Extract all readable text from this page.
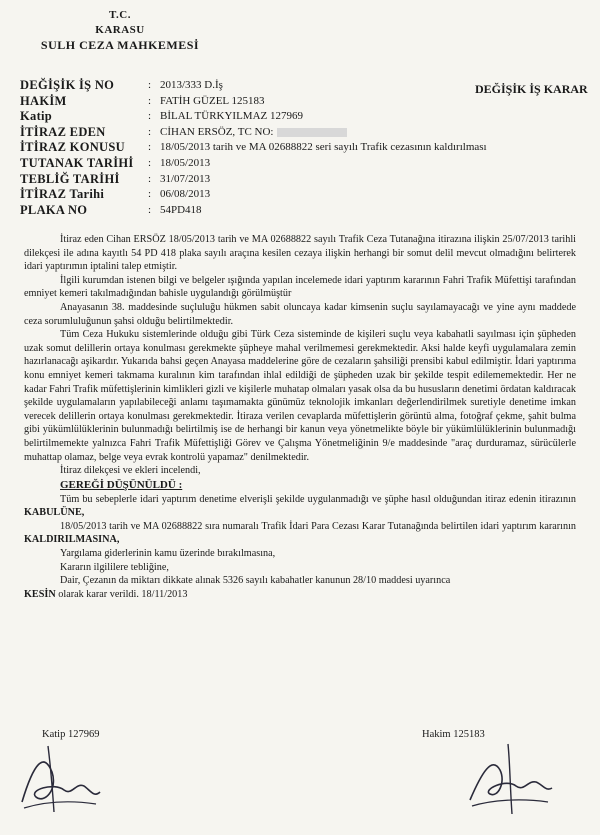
T.C.
KARASU
SULH CEZA MAHKEMESİ
DEĞİŞİK İŞ KARAR
DEĞİŞİK İŞ NO	: 2013/333 D.İş
HAKİM	: FATİH GÜZEL 125183
Katip	: BİLAL TÜRKYILMAZ 127969
İTİRAZ EDEN	: CİHAN ERSÖZ, TC NO:
İTİRAZ KONUSU	: 18/05/2013 tarih ve MA 02688822 seri sayılı Trafik cezasının kaldırılması
TUTANAK TARİHİ	: 18/05/2013
TEBLİĞ TARİHİ	: 31/07/2013
İTİRAZ Tarihi	: 06/08/2013
PLAKA NO	: 54PD418

İtiraz eden Cihan ERSÖZ 18/05/2013 tarih ve MA 02688822 sayılı Trafik Ceza Tutanağına itirazına ilişkin 25/07/2013 tarihli dilekçesi ile adına kayıtlı 54 PD 418 plaka sayılı araçına kesilen cezaya ilişkin herhangi bir somut delil mevcut olmadığını belirterek idari yaptırımın iptalini talep etmiştir.

İlgili kurumdan istenen bilgi ve belgeler ışığında yapılan incelemede idari yaptırım kararının Fahri Trafik Müfettişi tarafından emniyet kemeri takılmadığından bahisle uygulandığı görülmüştür

Anayasanın 38. maddesinde suçluluğu hükmen sabit oluncaya kadar kimsenin suçlu sayılamayacağı ve yine aynı maddede ceza sorumluluğunun şahsi olduğu belirtilmektedir.

Tüm Ceza Hukuku sistemlerinde olduğu gibi Türk Ceza sisteminde de kişileri suçlu veya kabahatli sayılması için şüpheden uzak somut delillerin ortaya konulması gerekmekte şüpheye mahal verilmemesi gerekmektedir. Aksi halde keyfi uygulamalara zemin hazırlanacağı aşikardır. Yukarıda bahsi geçen Anayasa maddelerine göre de cezaların şahsiliği prensibi kabul edilmiştir. İdari yaptırıma konu emniyet kemeri takmama kuralının kim tarafından ihlal edildiği de şüpheden uzak bir şekilde tespit edilememektedir. Her ne kadar Fahri Trafik müfettişlerinin kimlikleri gizli ve kişilerle muhatap olmaları yasak olsa da bu hususların denetimi ördatan kaldıracak şekilde uygulamaların yapılabileceği anlamı taşımamakta günümüz teknolojik imkanları değerlendirilmek suretiyle denetime imkan verecek delillerin ortaya konulması gerekmektedir. İtiraza verilen cevaplarda müfettişlerin görüntü alma, fotoğraf çekme, şahit bulma gibi yükümlülüklerinin bulunmadığı belirtilmiş ise de herhangi bir kanun veya yönetmelikte böyle bir yükümlülüklerinin bulunmadığı belirtilmemekte yalnızca Fahri Trafik Müfettişliği Görev ve Çalışma Yönetmeliğinin 9/e maddesinde "araç durduramaz, sürücülerle muhattap olamaz, belge veya evrak kontrolü yapamaz" denilmektedir.

İtiraz dilekçesi ve ekleri incelendi,

GEREĞİ DÜŞÜNÜLDÜ :

Tüm bu sebeplerle idari yaptırım denetime elverişli şekilde uygulanmadığı ve şüphe hasıl olduğundan itiraz edenin itirazının KABULÜNE,

18/05/2013 tarih ve MA 02688822 sıra numaralı Trafik İdari Para Cezası Karar Tutanağında belirtilen idari yaptırım kararının KALDIRILMASINA,

Yargılama giderlerinin kamu üzerinde bırakılmasına,

Kararın ilgililere tebliğine,

Dair, Çezanın da miktarı dikkate alınak 5326 sayılı kabahatler kanunun 28/10 maddesi uyarınca

KESİN olarak karar verildi. 18/11/2013

Katip 127969	Hakim 125183
